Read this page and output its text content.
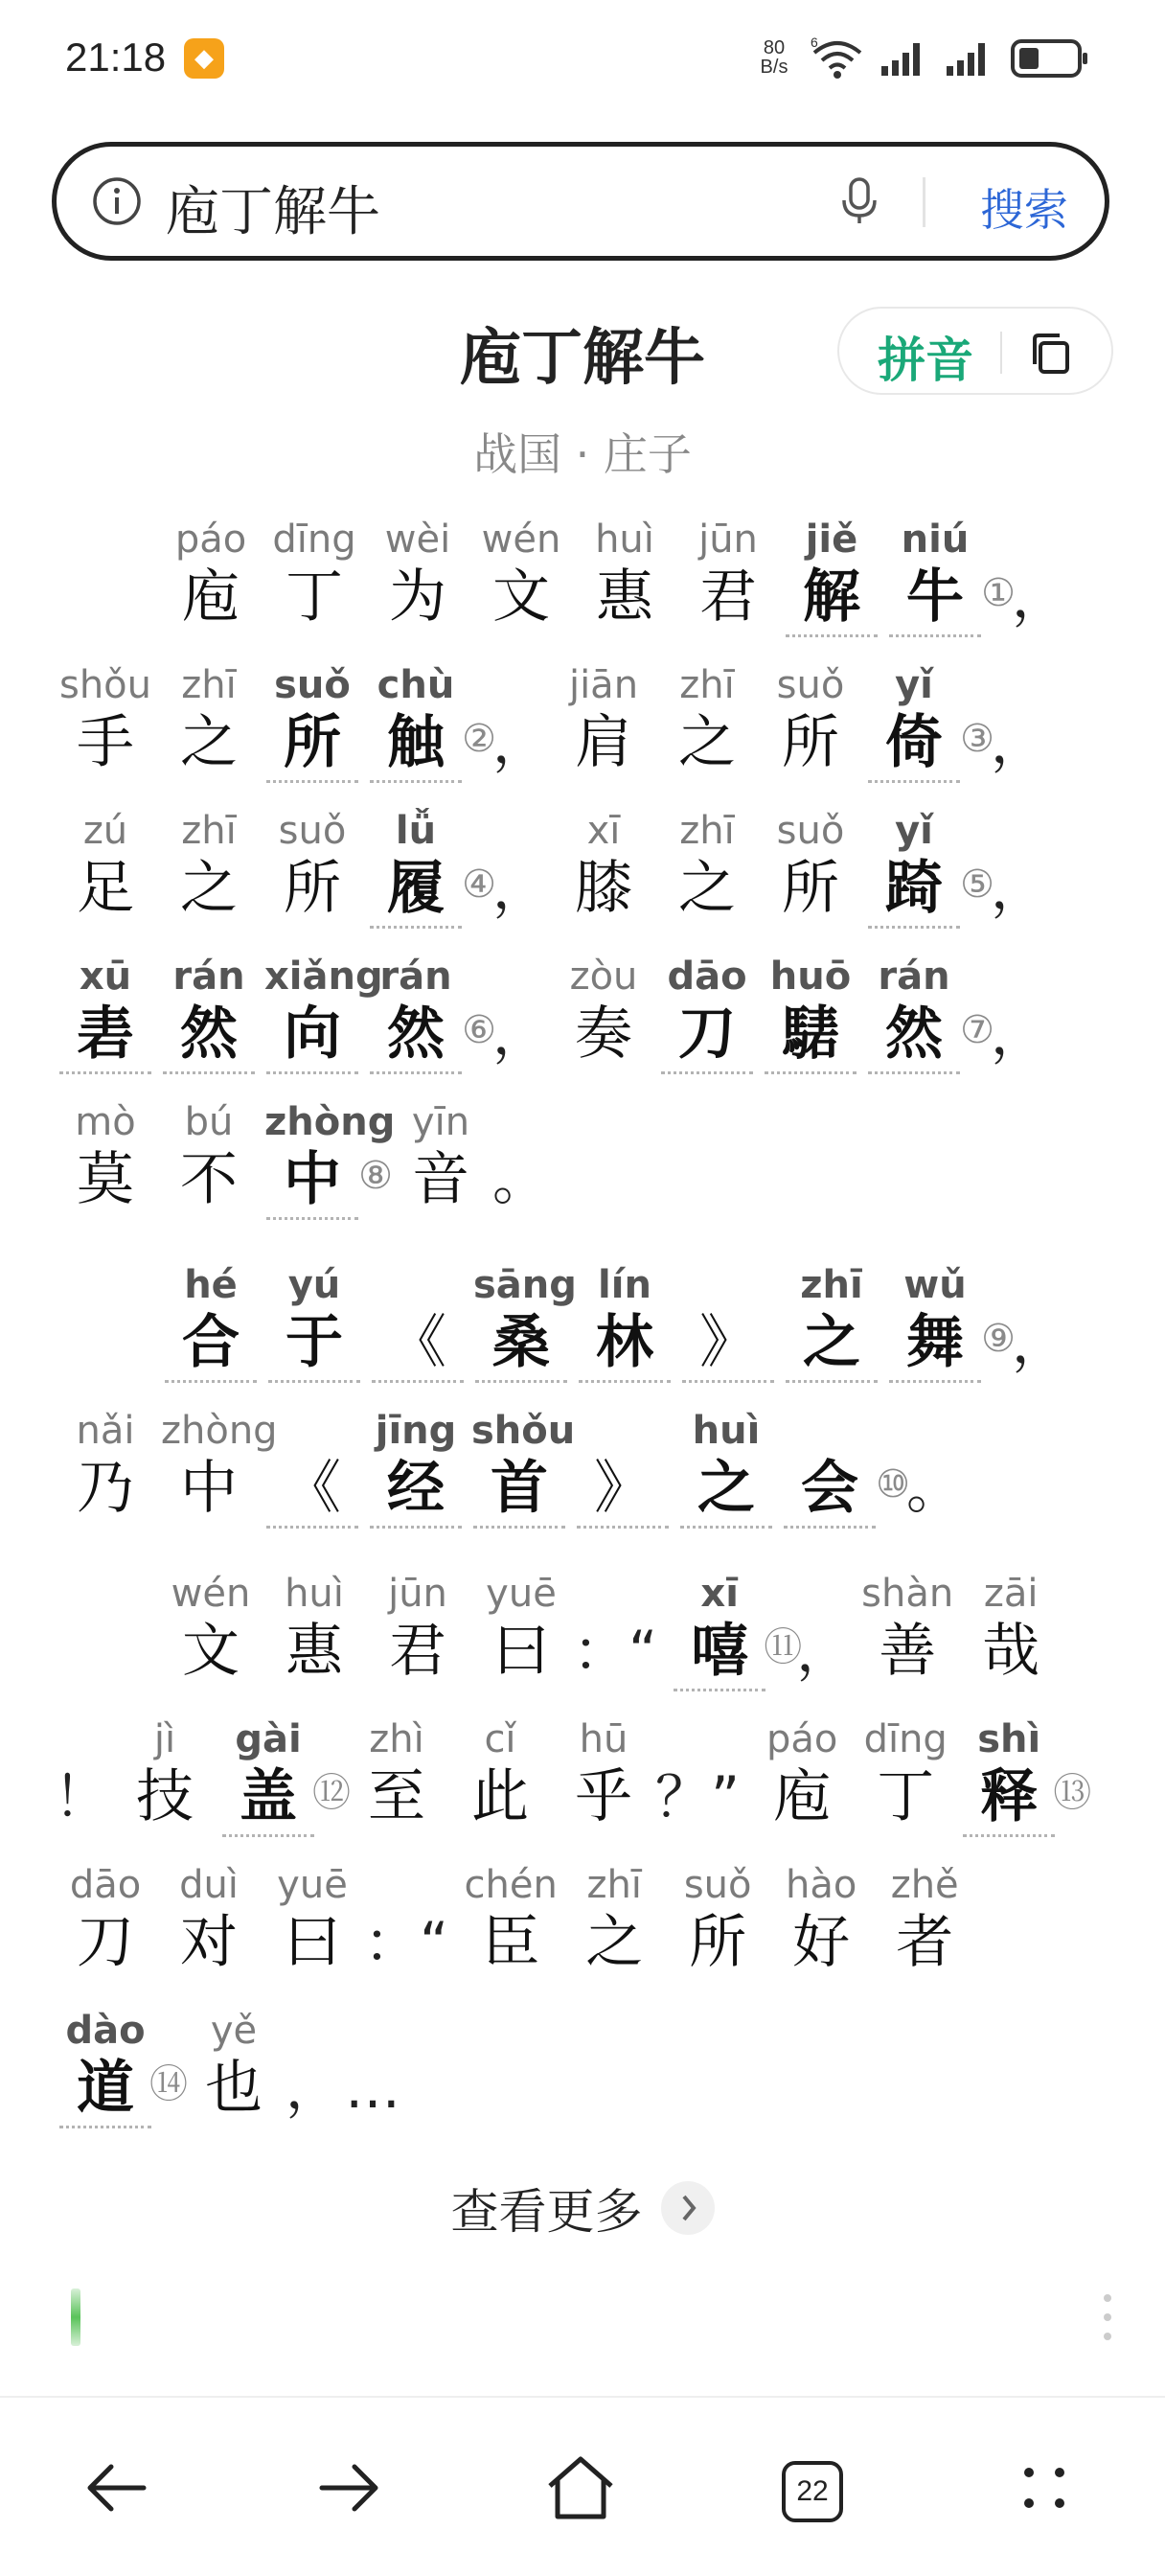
21:18	◆	80
B/s
6
庖丁解牛	搜索
庖丁解牛	拼音
战国 · 庄子
páo
庖
dīng
丁
wèi
为
wén
文
huì
惠
jūn
君
jiě
解
niú
牛 ①
，
shǒu
手
zhī
之
suǒ
所
chù
触 ②
，
jiān
肩
zhī
之
suǒ
所
yǐ
倚 ③
，
zú
足
zhī
之
suǒ
所
lǚ
履 ④
，
xī
膝
zhī
之
suǒ
所
yǐ
踦 ⑤
，
xū
砉
rán
然
xiǎng
向
rán
然 ⑥
，
zòu
奏
dāo
刀
huō
騞
rán
然 ⑦
，
mò
莫
bú
不
zhòng
中 ⑧
yīn
音 。
hé
合
yú
于 《
sāng
桑
lín
林 》
zhī
之
wǔ
舞 ⑨
，
nǎi
乃
zhòng
中 《
jīng
经
shǒu
首 》
huì
之 会 ⑩
。
wén
文
huì
惠
jūn
君
yuē
曰 ：“
xī
嘻 ⑪
，
shàn
善
zāi
哉
！
jì
技
gài
盖 ⑫
zhì
至
cǐ
此
hū
乎 ？”
páo
庖
dīng
丁
shì
释 ⑬
dāo
刀
duì
对
yuē
曰 ：“
chén
臣
zhī
之
suǒ
所
hào
好
zhě
者
dào
道 ⑭
yě
也 ， …
查看更多
22
